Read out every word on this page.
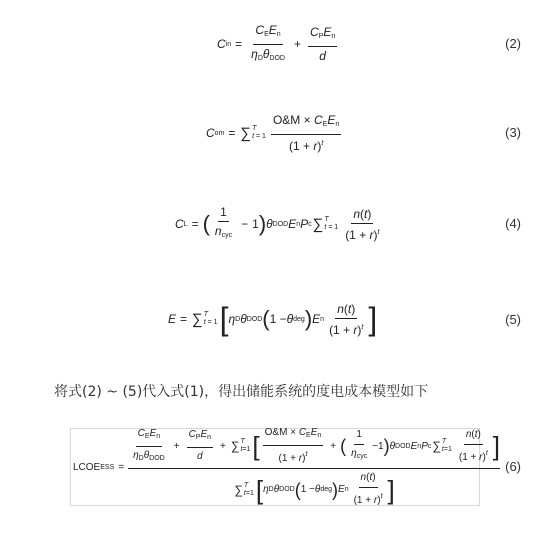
C in = $\frac{C_EE_n}{\eta_D\theta_{DOD}} + \frac{C_PE_n}{d}$	(2)
C om = ∑ T
$t = 1 \frac{O\&M \times C_EE_n}{(1 + r)^t}$	(3)
C L = ( $\frac{1}{n_{cyc}} - 1$ ) θ DOD E n P c ∑ T
$t = 1 \frac{n(t)}{(1 + r)^t}$	(4)
E = ∑ T
t = 1 [ η D θ DOD ( 1 − θ deg ) E n $\frac{n(t)}{(1 + r)^t}$ ]	(5)
将式(2) ~ (5)代入式(1)，得出储能系统的度电成本模型如下
LCOE ESS =
$\frac{C_EE_n}{\eta_D\theta_{DOD}} + \frac{C_PE_n}{d}$ + ∑ T
t=1 [ $\frac{O\&M \times C_EE_n}{(1 + r)^t}$ + ( $\frac{1}{\eta_{cyc}} -1$ ) θ DOD E n P c ∑ T
$t=1 \frac{n(t)}{(1 + r)^t}$ ]
∑ T
t=1 [ η D θ DOD ( 1 − θ deg ) E n $\frac{n(t)}{(1 + r)^t}$ ]
(6)
